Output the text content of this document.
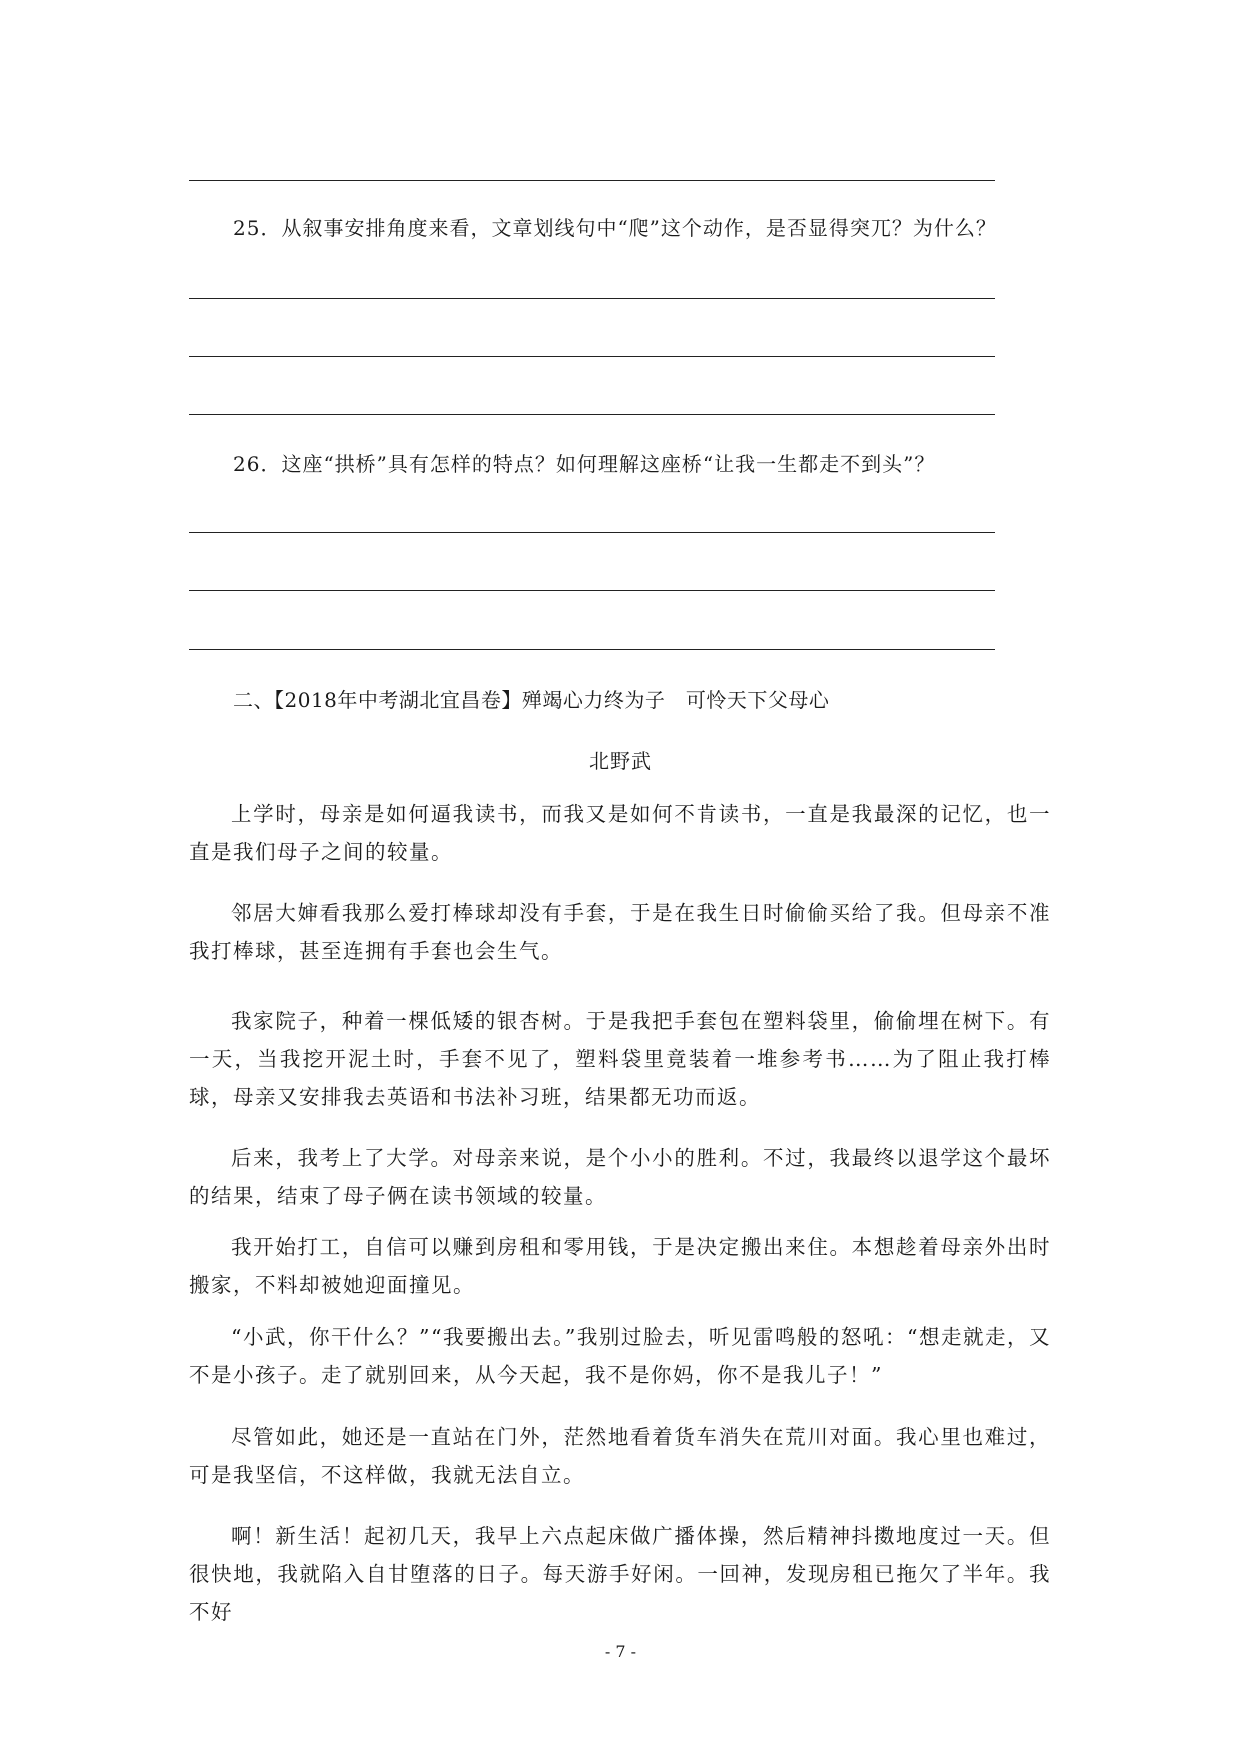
25．从叙事安排角度来看，文章划线句中“爬”这个动作，是否显得突兀？为什么？
26．这座“拱桥”具有怎样的特点？如何理解这座桥“让我一生都走不到头”？
二、【2018年中考湖北宜昌卷】殚竭心力终为子　可怜天下父母心
北野武
上学时，母亲是如何逼我读书，而我又是如何不肯读书，一直是我最深的记忆，也一直是我们母子之间的较量。
邻居大婶看我那么爱打棒球却没有手套，于是在我生日时偷偷买给了我。但母亲不准我打棒球，甚至连拥有手套也会生气。
我家院子，种着一棵低矮的银杏树。于是我把手套包在塑料袋里，偷偷埋在树下。有一天，当我挖开泥土时，手套不见了，塑料袋里竟装着一堆参考书……为了阻止我打棒球，母亲又安排我去英语和书法补习班，结果都无功而返。
后来，我考上了大学。对母亲来说，是个小小的胜利。不过，我最终以退学这个最坏的结果，结束了母子俩在读书领域的较量。
我开始打工，自信可以赚到房租和零用钱，于是决定搬出来住。本想趁着母亲外出时搬家，不料却被她迎面撞见。
“小武，你干什么？”“我要搬出去。”我别过脸去，听见雷鸣般的怒吼：“想走就走，又不是小孩子。走了就别回来，从今天起，我不是你妈，你不是我儿子！”
尽管如此，她还是一直站在门外，茫然地看着货车消失在荒川对面。我心里也难过，可是我坚信，不这样做，我就无法自立。
啊！新生活！起初几天，我早上六点起床做广播体操，然后精神抖擞地度过一天。但很快地，我就陷入自甘堕落的日子。每天游手好闲。一回神，发现房租已拖欠了半年。我不好
- 7 -
